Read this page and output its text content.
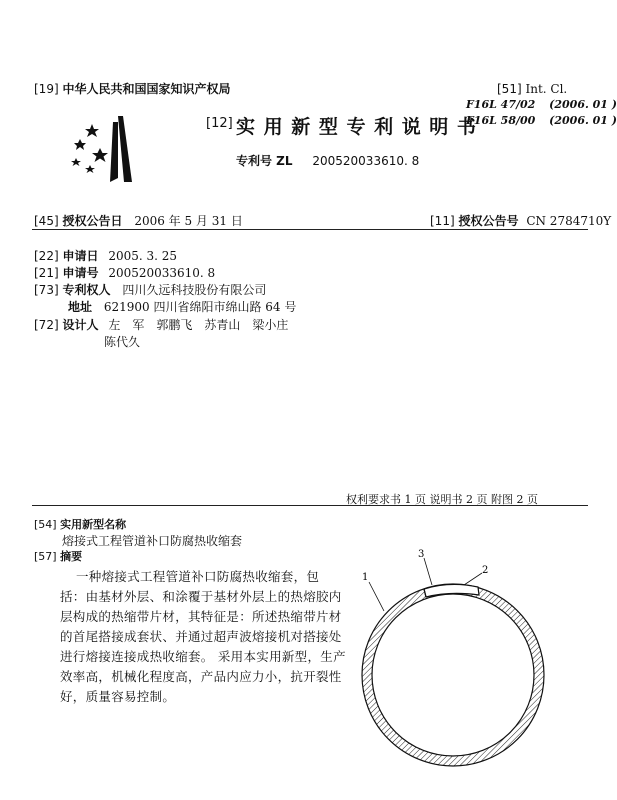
[19] 中华人民共和国国家知识产权局
[12] 实 用 新 型 专 利 说 明 书
专利号 ZL 200520033610. 8
[51] Int. Cl.
F16L 47/02 (2006. 01 )
F16L 58/00 (2006. 01 )
[45] 授权公告日 2006 年 5 月 31 日	[11] 授权公告号 CN 2784710Y
[22] 申请日 2005. 3. 25
[21] 申请号 200520033610. 8
[73] 专利权人 四川久远科技股份有限公司
地址 621900 四川省绵阳市绵山路 64 号
[72] 设计人 左　军　郭鹏飞　苏青山　梁小庄
陈代久
权利要求书 1 页 说明书 2 页 附图 2 页
[54] 实用新型名称
熔接式工程管道补口防腐热收缩套
[57] 摘要
一种熔接式工程管道补口防腐热收缩套，包
括：由基材外层、和涂覆于基材外层上的热熔胶内
层构成的热缩带片材，其特征是：所述热缩带片材
的首尾搭接成套状、并通过超声波熔接机对搭接处
进行熔接连接成热收缩套。 采用本实用新型，生产
效率高，机械化程度高，产品内应力小，抗开裂性
好，质量容易控制。
1
2
3
